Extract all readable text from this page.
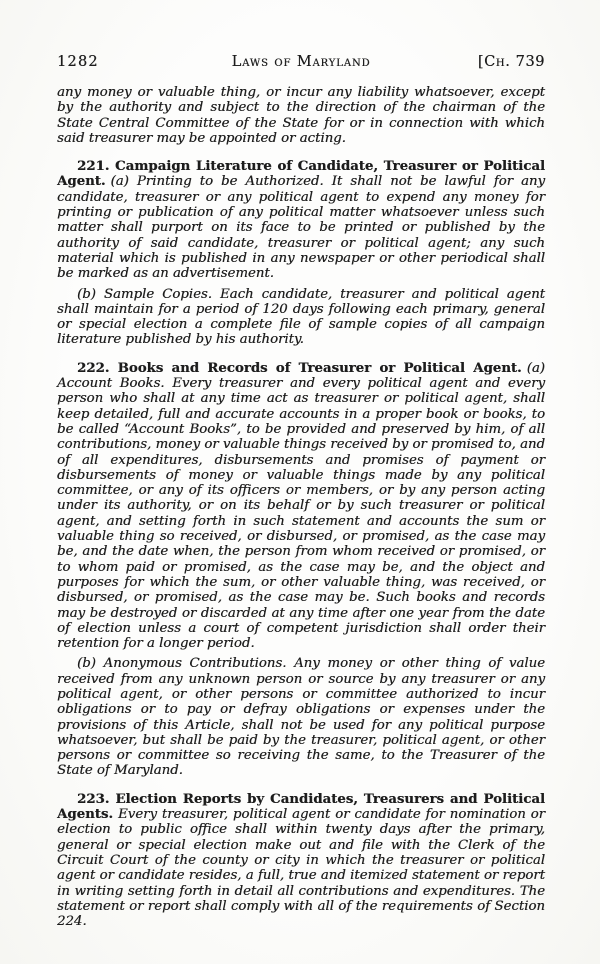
1282	Laws of Maryland	[Ch. 739

any money or valuable thing, or incur any liability whatsoever, except by the authority and subject to the direction of the chairman of the State Central Committee of the State for or in connection with which said treasurer may be appointed or acting.

221. Campaign Literature of Candidate, Treasurer or Political Agent. (a) Printing to be Authorized. It shall not be lawful for any candidate, treasurer or any political agent to expend any money for printing or publication of any political matter whatsoever unless such matter shall purport on its face to be printed or published by the authority of said candidate, treasurer or political agent; any such material which is published in any newspaper or other periodical shall be marked as an advertisement.

(b) Sample Copies. Each candidate, treasurer and political agent shall maintain for a period of 120 days following each primary, general or special election a complete file of sample copies of all campaign literature published by his authority.

222. Books and Records of Treasurer or Political Agent. (a) Account Books. Every treasurer and every political agent and every person who shall at any time act as treasurer or political agent, shall keep detailed, full and accurate accounts in a proper book or books, to be called “Account Books”, to be provided and preserved by him, of all contributions, money or valuable things received by or promised to, and of all expenditures, disbursements and promises of payment or disbursements of money or valuable things made by any political committee, or any of its officers or members, or by any person acting under its authority, or on its behalf or by such treasurer or political agent, and setting forth in such statement and accounts the sum or valuable thing so received, or disbursed, or promised, as the case may be, and the date when, the person from whom received or promised, or to whom paid or promised, as the case may be, and the object and purposes for which the sum, or other valuable thing, was received, or disbursed, or promised, as the case may be. Such books and records may be destroyed or discarded at any time after one year from the date of election unless a court of competent jurisdiction shall order their retention for a longer period.

(b) Anonymous Contributions. Any money or other thing of value received from any unknown person or source by any treasurer or any political agent, or other persons or committee authorized to incur obligations or to pay or defray obligations or expenses under the provisions of this Article, shall not be used for any political purpose whatsoever, but shall be paid by the treasurer, political agent, or other persons or committee so receiving the same, to the Treasurer of the State of Maryland.

223. Election Reports by Candidates, Treasurers and Political Agents. Every treasurer, political agent or candidate for nomination or election to public office shall within twenty days after the primary, general or special election make out and file with the Clerk of the Circuit Court of the county or city in which the treasurer or political agent or candidate resides, a full, true and itemized statement or report in writing setting forth in detail all contributions and expenditures. The statement or report shall comply with all of the requirements of Section 224.
